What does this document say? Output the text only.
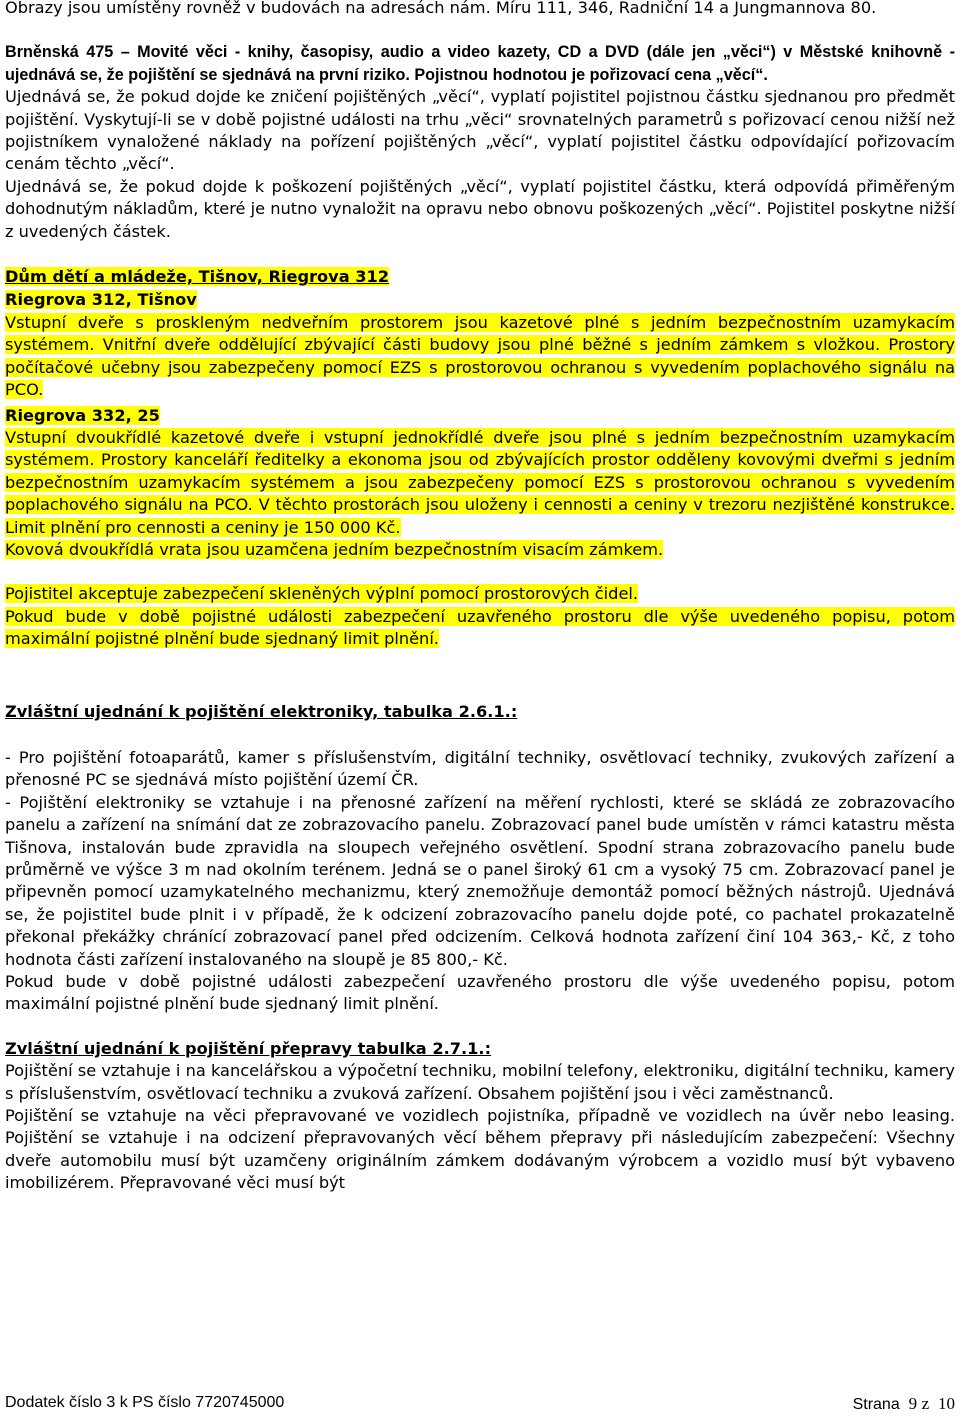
Obrazy jsou umístěny rovněž v budovách na adresách nám. Míru 111, 346, Radniční 14 a Jungmannova 80.

Brněnská 475 – Movité věci - knihy, časopisy, audio a video kazety, CD a DVD (dále jen „věci“) v Městské knihovně - ujednává se, že pojištění se sjednává na první riziko. Pojistnou hodnotou je pořizovací cena „věcí“.

Ujednává se, že pokud dojde ke zničení pojištěných „věcí“, vyplatí pojistitel pojistnou částku sjednanou pro předmět pojištění. Vyskytují-li se v době pojistné události na trhu „věci“ srovnatelných parametrů s pořizovací cenou nižší než pojistníkem vynaložené náklady na pořízení pojištěných „věcí“, vyplatí pojistitel částku odpovídající pořizovacím cenám těchto „věcí“.

Ujednává se, že pokud dojde k poškození pojištěných „věcí“, vyplatí pojistitel částku, která odpovídá přiměřeným dohodnutým nákladům, které je nutno vynaložit na opravu nebo obnovu poškozených „věcí“. Pojistitel poskytne nižší z uvedených částek.

Dům dětí a mládeže, Tišnov, Riegrova 312

Riegrova 312, Tišnov

Vstupní dveře s proskleným nedveřním prostorem jsou kazetové plné s jedním bezpečnostním uzamykacím systémem. Vnitřní dveře oddělující zbývající části budovy jsou plné běžné s jedním zámkem s vložkou. Prostory počítačové učebny jsou zabezpečeny pomocí EZS s prostorovou ochranou s vyvedením poplachového signálu na PCO.

Riegrova 332, 25

Vstupní dvoukřídlé kazetové dveře i vstupní jednokřídlé dveře jsou plné s jedním bezpečnostním uzamykacím systémem. Prostory kanceláří ředitelky a ekonoma jsou od zbývajících prostor odděleny kovovými dveřmi s jedním bezpečnostním uzamykacím systémem a jsou zabezpečeny pomocí EZS s prostorovou ochranou s vyvedením poplachového signálu na PCO. V těchto prostorách jsou uloženy i cennosti a ceniny v trezoru nezjištěné konstrukce. Limit plnění pro cennosti a ceniny je 150 000 Kč.

Kovová dvoukřídlá vrata jsou uzamčena jedním bezpečnostním visacím zámkem.

Pojistitel akceptuje zabezpečení skleněných výplní pomocí prostorových čidel.

Pokud bude v době pojistné události zabezpečení uzavřeného prostoru dle výše uvedeného popisu, potom maximální pojistné plnění bude sjednaný limit plnění.

Zvláštní ujednání k pojištění elektroniky, tabulka 2.6.1.:

- Pro pojištění fotoaparátů, kamer s příslušenstvím, digitální techniky, osvětlovací techniky, zvukových zařízení a přenosné PC se sjednává místo pojištění území ČR.

- Pojištění elektroniky se vztahuje i na přenosné zařízení na měření rychlosti, které se skládá ze zobrazovacího panelu a zařízení na snímání dat ze zobrazovacího panelu. Zobrazovací panel bude umístěn v rámci katastru města Tišnova, instalován bude zpravidla na sloupech veřejného osvětlení. Spodní strana zobrazovacího panelu bude průměrně ve výšce 3 m nad okolním terénem. Jedná se o panel široký 61 cm a vysoký 75 cm. Zobrazovací panel je připevněn pomocí uzamykatelného mechanizmu, který znemožňuje demontáž pomocí běžných nástrojů. Ujednává se, že pojistitel bude plnit i v případě, že k odcizení zobrazovacího panelu dojde poté, co pachatel prokazatelně překonal překážky chránící zobrazovací panel před odcizením. Celková hodnota zařízení činí 104 363,- Kč, z toho hodnota části zařízení instalovaného na sloupě je 85 800,- Kč.

Pokud bude v době pojistné události zabezpečení uzavřeného prostoru dle výše uvedeného popisu, potom maximální pojistné plnění bude sjednaný limit plnění.

Zvláštní ujednání k pojištění přepravy tabulka 2.7.1.:

Pojištění se vztahuje i na kancelářskou a výpočetní techniku, mobilní telefony, elektroniku, digitální techniku, kamery s příslušenstvím, osvětlovací techniku a zvuková zařízení. Obsahem pojištění jsou i věci zaměstnanců.

Pojištění se vztahuje na věci přepravované ve vozidlech pojistníka, případně ve vozidlech na úvěr nebo leasing. Pojištění se vztahuje i na odcizení přepravovaných věcí během přepravy při následujícím zabezpečení: Všechny dveře automobilu musí být uzamčeny originálním zámkem dodávaným výrobcem a vozidlo musí být vybaveno imobilizérem. Přepravované věci musí být

Dodatek číslo 3 k PS číslo 7720745000	Strana 9 z 10
